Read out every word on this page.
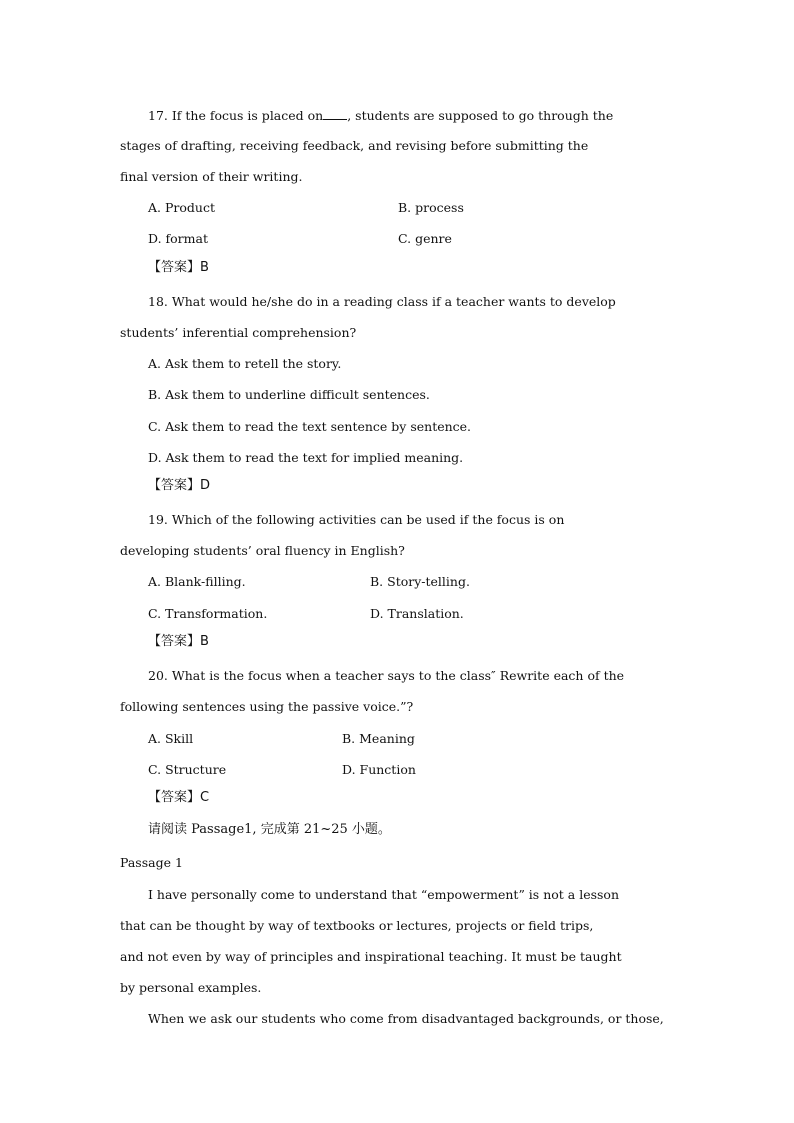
17. If the focus is placed on , students are supposed to go through the
stages of drafting, receiving feedback, and revising before submitting the
final version of their writing.
A. Product	B. process
D. format	C. genre
【答案】B
18. What would he/she do in a reading class if a teacher wants to develop
students’ inferential comprehension?
A. Ask them to retell the story.
B. Ask them to underline difficult sentences.
C. Ask them to read the text sentence by sentence.
D. Ask them to read the text for implied meaning.
【答案】D
19. Which of the following activities can be used if the focus is on
developing students’ oral fluency in English?
A. Blank-filling.	B. Story-telling.
C. Transformation.	D. Translation.
【答案】B
20. What is the focus when a teacher says to the class″ Rewrite each of the
following sentences using the passive voice.”?
A. Skill	B. Meaning
C. Structure	D. Function
【答案】C
请阅读 Passage1, 完成第 21~25 小题。
Passage 1
I have personally come to understand that “empowerment” is not a lesson
that can be thought by way of textbooks or lectures, projects or field trips,
and not even by way of principles and inspirational teaching. It must be taught
by personal examples.
When we ask our students who come from disadvantaged backgrounds, or those,
